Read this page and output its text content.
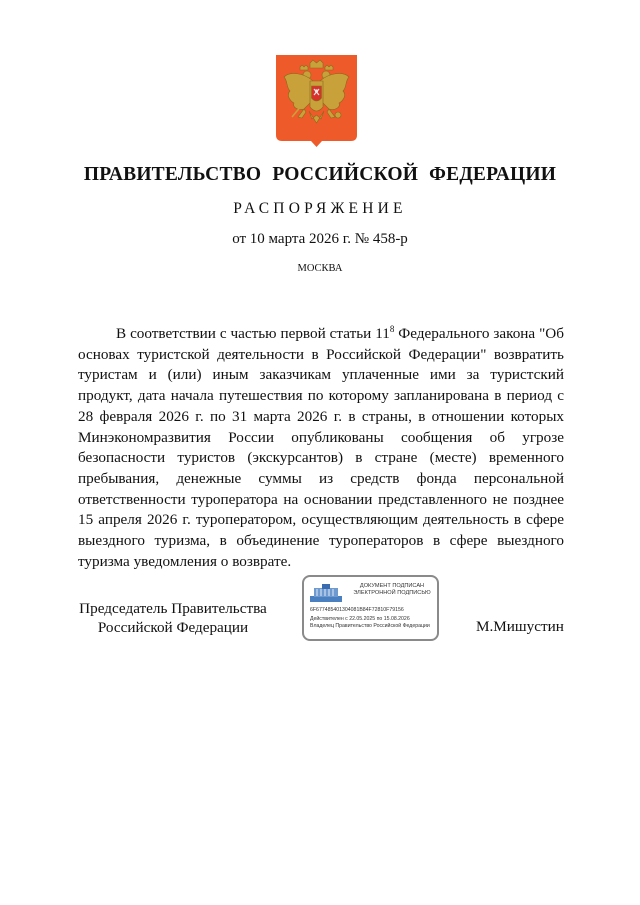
ПРАВИТЕЛЬСТВО РОССИЙСКОЙ ФЕДЕРАЦИИ
РАСПОРЯЖЕНИЕ
от 10 марта 2026 г. № 458-р
МОСКВА

В соответствии с частью первой статьи $11^8$ Федерального закона "Об основах туристской деятельности в Российской Федерации" возвратить туристам и (или) иным заказчикам уплаченные ими за туристский продукт, дата начала путешествия по которому запланирована в период с 28 февраля 2026 г. по 31 марта 2026 г. в страны, в отношении которых Минэкономразвития России опубликованы сообщения об угрозе безопасности туристов (экскурсантов) в стране (месте) временного пребывания, денежные суммы из средств фонда персональной ответственности туроператора на основании представленного не позднее 15 апреля 2026 г. туроператором, осуществляющим деятельность в сфере выездного туризма, в объединение туроператоров в сфере выездного туризма уведомления о возврате.

Председатель Правительства
Российской Федерации
ДОКУМЕНТ ПОДПИСАН
ЭЛЕКТРОННОЙ ПОДПИСЬЮ
6F677485401304081B84F72810F79156
Действителен с 22.05.2025 по 15.08.2026
Владелец Правительство Российской Федерации	М.Мишустин
